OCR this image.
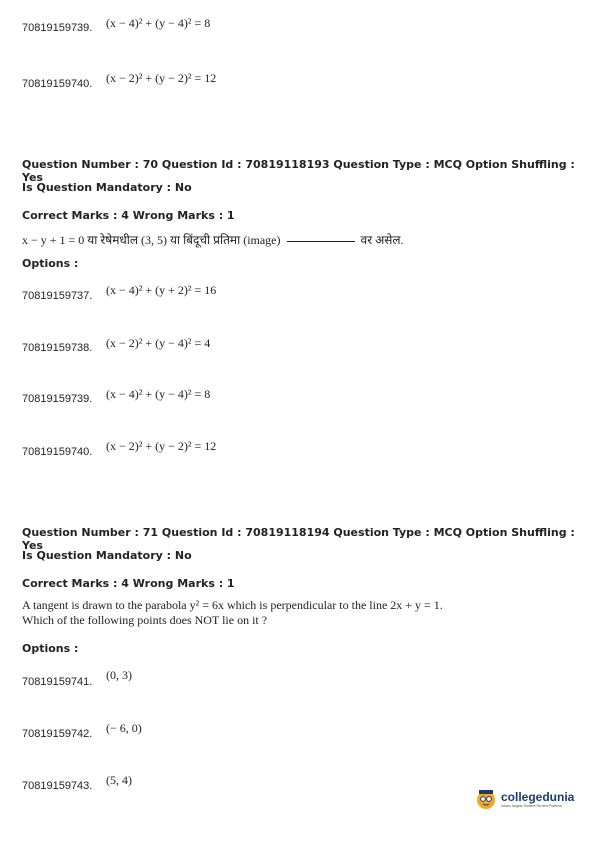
70819159739. (x − 4)² + (y − 4)² = 8
70819159740. (x − 2)² + (y − 2)² = 12
Question Number : 70 Question Id : 70819118193 Question Type : MCQ Option Shuffling : Yes
Is Question Mandatory : No
Correct Marks : 4 Wrong Marks : 1
x − y + 1 = 0 या रेषेमधील (3, 5) या बिंदूची प्रतिमा (image)	वर असेल.
Options :
70819159737. (x − 4)² + (y + 2)² = 16
70819159738. (x − 2)² + (y − 4)² = 4
70819159739. (x − 4)² + (y − 4)² = 8
70819159740. (x − 2)² + (y − 2)² = 12
Question Number : 71 Question Id : 70819118194 Question Type : MCQ Option Shuffling : Yes
Is Question Mandatory : No
Correct Marks : 4 Wrong Marks : 1
A tangent is drawn to the parabola y² = 6x which is perpendicular to the line 2x + y = 1.
Which of the following points does NOT lie on it ?
Options :
70819159741. (0, 3)
70819159742. (− 6, 0)
70819159743. (5, 4)
collegedunia
India's largest Student Review Platform
